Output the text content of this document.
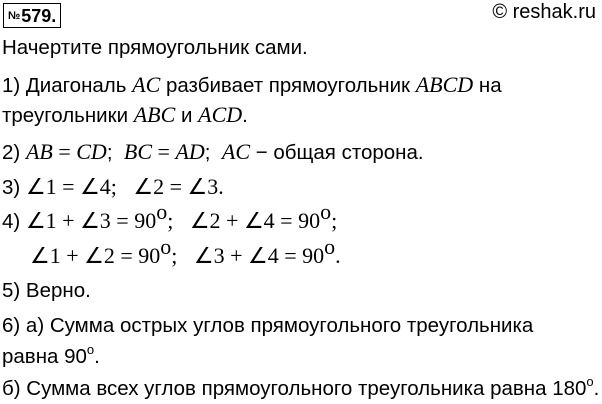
№579.	© reshak.ru
Начертите прямоугольник сами.
1) Диагональ AC разбивает прямоугольник ABCD на
треугольники ABC и ACD.
2) AB = CD;  BC = AD;  AC − общая сторона.
3) ∠1 = ∠4;   ∠2 = ∠3.
4) ∠1 + ∠3 = $90^o$;   ∠2 + ∠4 = $90^o$;
∠1 + ∠2 = $90^o$;   ∠3 + ∠4 = $90^o$.
5) Верно.
6) а) Сумма острых углов прямоугольного треугольника
равна 90$^o$.
б) Сумма всех углов прямоугольного треугольника равна 180$^o$.
